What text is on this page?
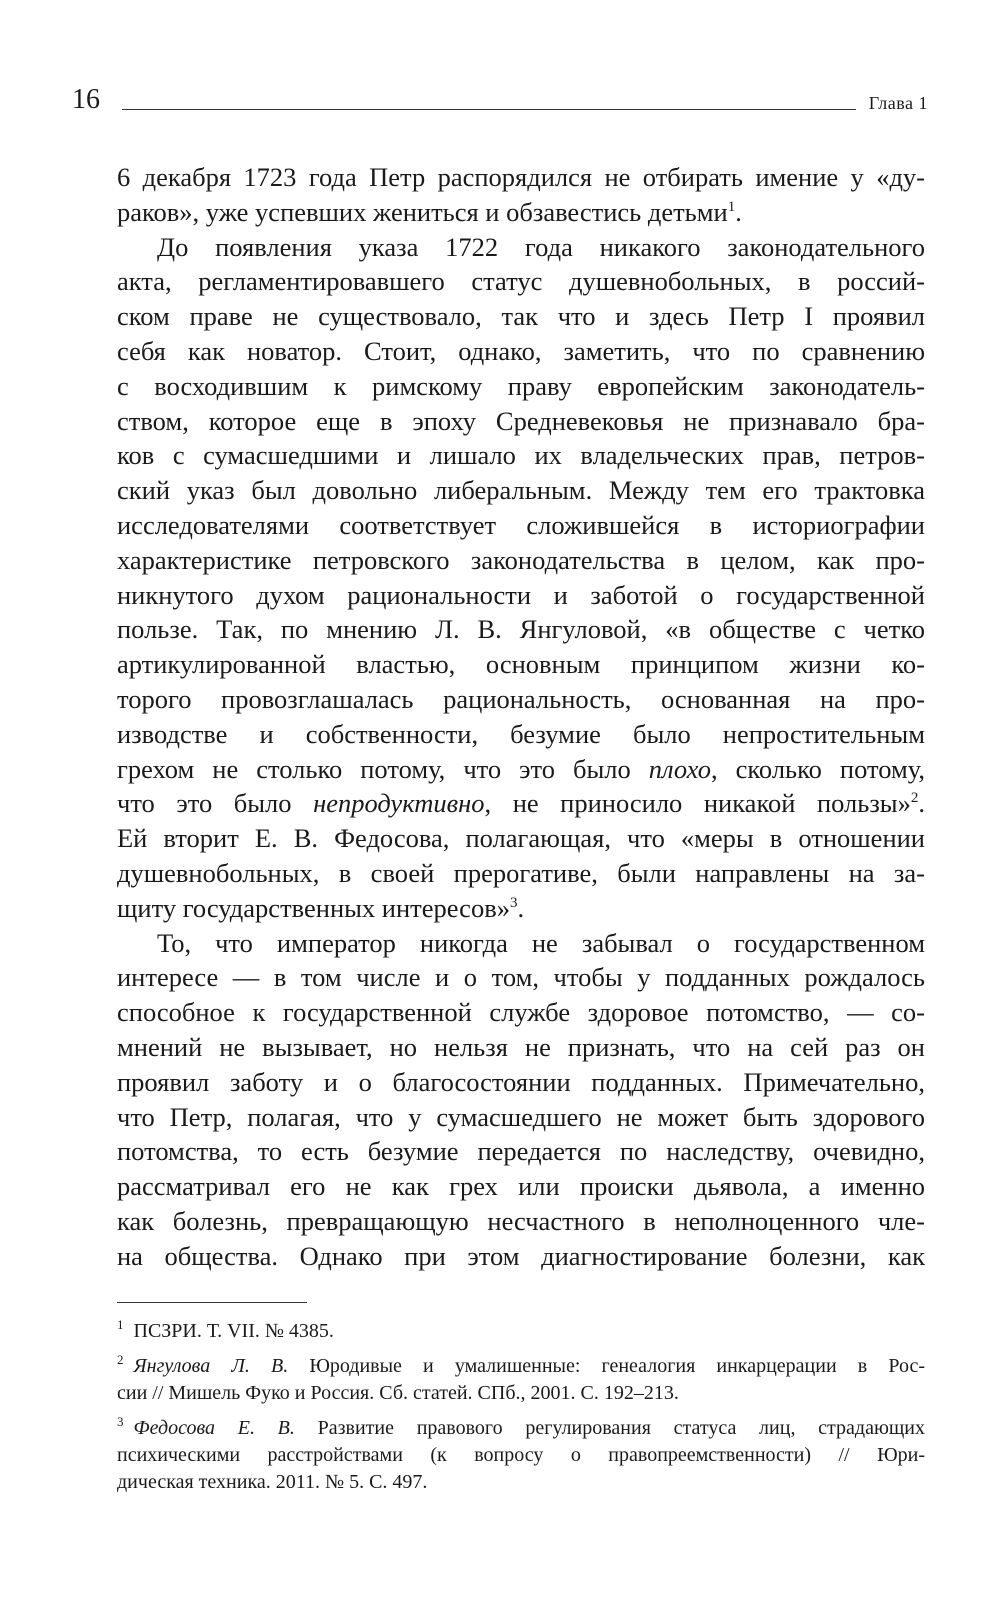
16	Глава 1

6 декабря 1723 года Петр распорядился не отбирать имение у «ду-

раков», уже успевших жениться и обзавестись детьми$^1$.

До появления указа 1722 года никакого законодательного

акта, регламентировавшего статус душевнобольных, в россий-

ском праве не существовало, так что и здесь Петр I проявил

себя как новатор. Стоит, однако, заметить, что по сравнению

с восходившим к римскому праву европейским законодатель-

ством, которое еще в эпоху Средневековья не признавало бра-

ков с сумасшедшими и лишало их владельческих прав, петров-

ский указ был довольно либеральным. Между тем его трактовка

исследователями соответствует сложившейся в историографии

характеристике петровского законодательства в целом, как про-

никнутого духом рациональности и заботой о государственной

пользе. Так, по мнению Л. В. Янгуловой, «в обществе с четко

артикулированной властью, основным принципом жизни ко-

торого провозглашалась рациональность, основанная на про-

изводстве и собственности, безумие было непростительным

грехом не столько потому, что это было плохо, сколько потому,

что это было непродуктивно, не приносило никакой пользы»$^2$.

Ей вторит Е. В. Федосова, полагающая, что «меры в отношении

душевнобольных, в своей прерогативе, были направлены на за-

щиту государственных интересов»$^3$.

То, что император никогда не забывал о государственном

интересе — в том числе и о том, чтобы у подданных рождалось

способное к государственной службе здоровое потомство, — со-

мнений не вызывает, но нельзя не признать, что на сей раз он

проявил заботу и о благосостоянии подданных. Примечательно,

что Петр, полагая, что у сумасшедшего не может быть здорового

потомства, то есть безумие передается по наследству, очевидно,

рассматривал его не как грех или происки дьявола, а именно

как болезнь, превращающую несчастного в неполноценного чле-

на общества. Однако при этом диагностирование болезни, как

$^1$ ПСЗРИ. Т. VII. № 4385.

$^2$ Янгулова Л. В. Юродивые и умалишенные: генеалогия инкарцерации в Рос-

сии // Мишель Фуко и Россия. Сб. статей. СПб., 2001. С. 192–213.

$^3$ Федосова Е. В. Развитие правового регулирования статуса лиц, страдающих

психическими расстройствами (к вопросу о правопреемственности) // Юри-

дическая техника. 2011. № 5. С. 497.
